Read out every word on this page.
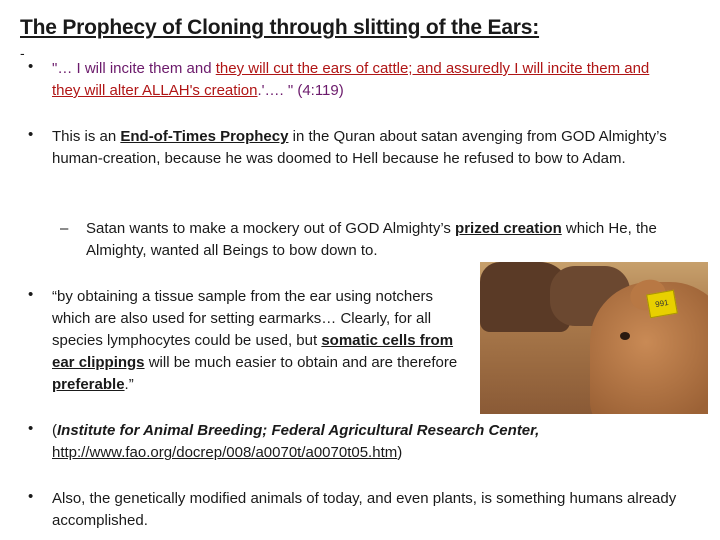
The Prophecy of Cloning through slitting of the Ears:
-
• "… I will incite them and they will cut the ears of cattle; and assuredly I will incite them and they will alter ALLAH's creation.'…. " (4:119)
• This is an End-of-Times Prophecy in the Quran about satan avenging from GOD Almighty’s human-creation, because he was doomed to Hell because he refused to bow to Adam.
– Satan wants to make a mockery out of GOD Almighty’s prized creation which He, the Almighty, wanted all Beings to bow down to.
• “by obtaining a tissue sample from the ear using notchers which are also used for setting earmarks… Clearly, for all species lymphocytes could be used, but somatic cells from ear clippings will be much easier to obtain and are therefore preferable.”
991
• (Institute for Animal Breeding; Federal Agricultural Research Center,
http://www.fao.org/docrep/008/a0070t/a0070t05.htm)
• Also, the genetically modified animals of today, and even plants, is something humans already accomplished.
